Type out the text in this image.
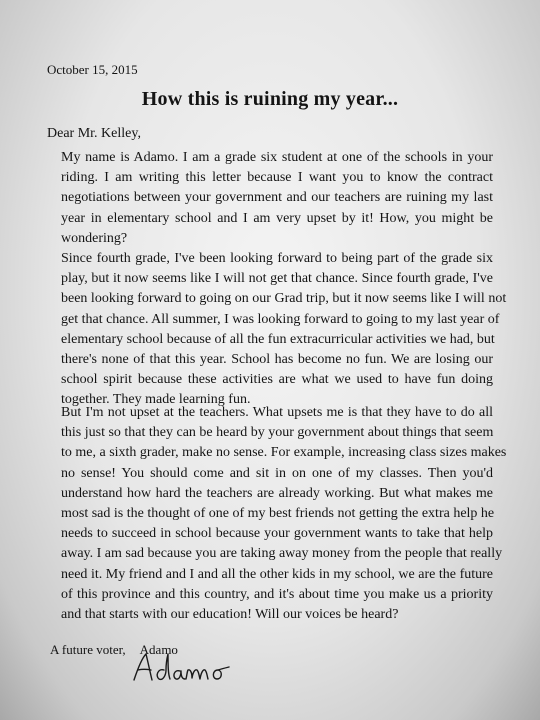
October 15, 2015
How this is ruining my year...
Dear Mr. Kelley,
My name is Adamo. I am a grade six student at one of the schools in your
riding. I am writing this letter because I want you to know the contract
negotiations between your government and our teachers are ruining my last
year in elementary school and I am very upset by it! How, you might be
wondering?
Since fourth grade, I've been looking forward to being part of the grade six
play, but it now seems like I will not get that chance. Since fourth grade, I've
been looking forward to going on our Grad trip, but it now seems like I will not
get that chance. All summer, I was looking forward to going to my last year of
elementary school because of all the fun extracurricular activities we had, but
there's none of that this year. School has become no fun. We are losing our
school spirit because these activities are what we used to have fun doing
together. They made learning fun.
But I'm not upset at the teachers. What upsets me is that they have to do all
this just so that they can be heard by your government about things that seem
to me, a sixth grader, make no sense. For example, increasing class sizes makes
no sense! You should come and sit in on one of my classes. Then you'd
understand how hard the teachers are already working. But what makes me
most sad is the thought of one of my best friends not getting the extra help he
needs to succeed in school because your government wants to take that help
away. I am sad because you are taking away money from the people that really
need it. My friend and I and all the other kids in my school, we are the future
of this province and this country, and it's about time you make us a priority
and that starts with our education! Will our voices be heard?
A future voter, Adamo
